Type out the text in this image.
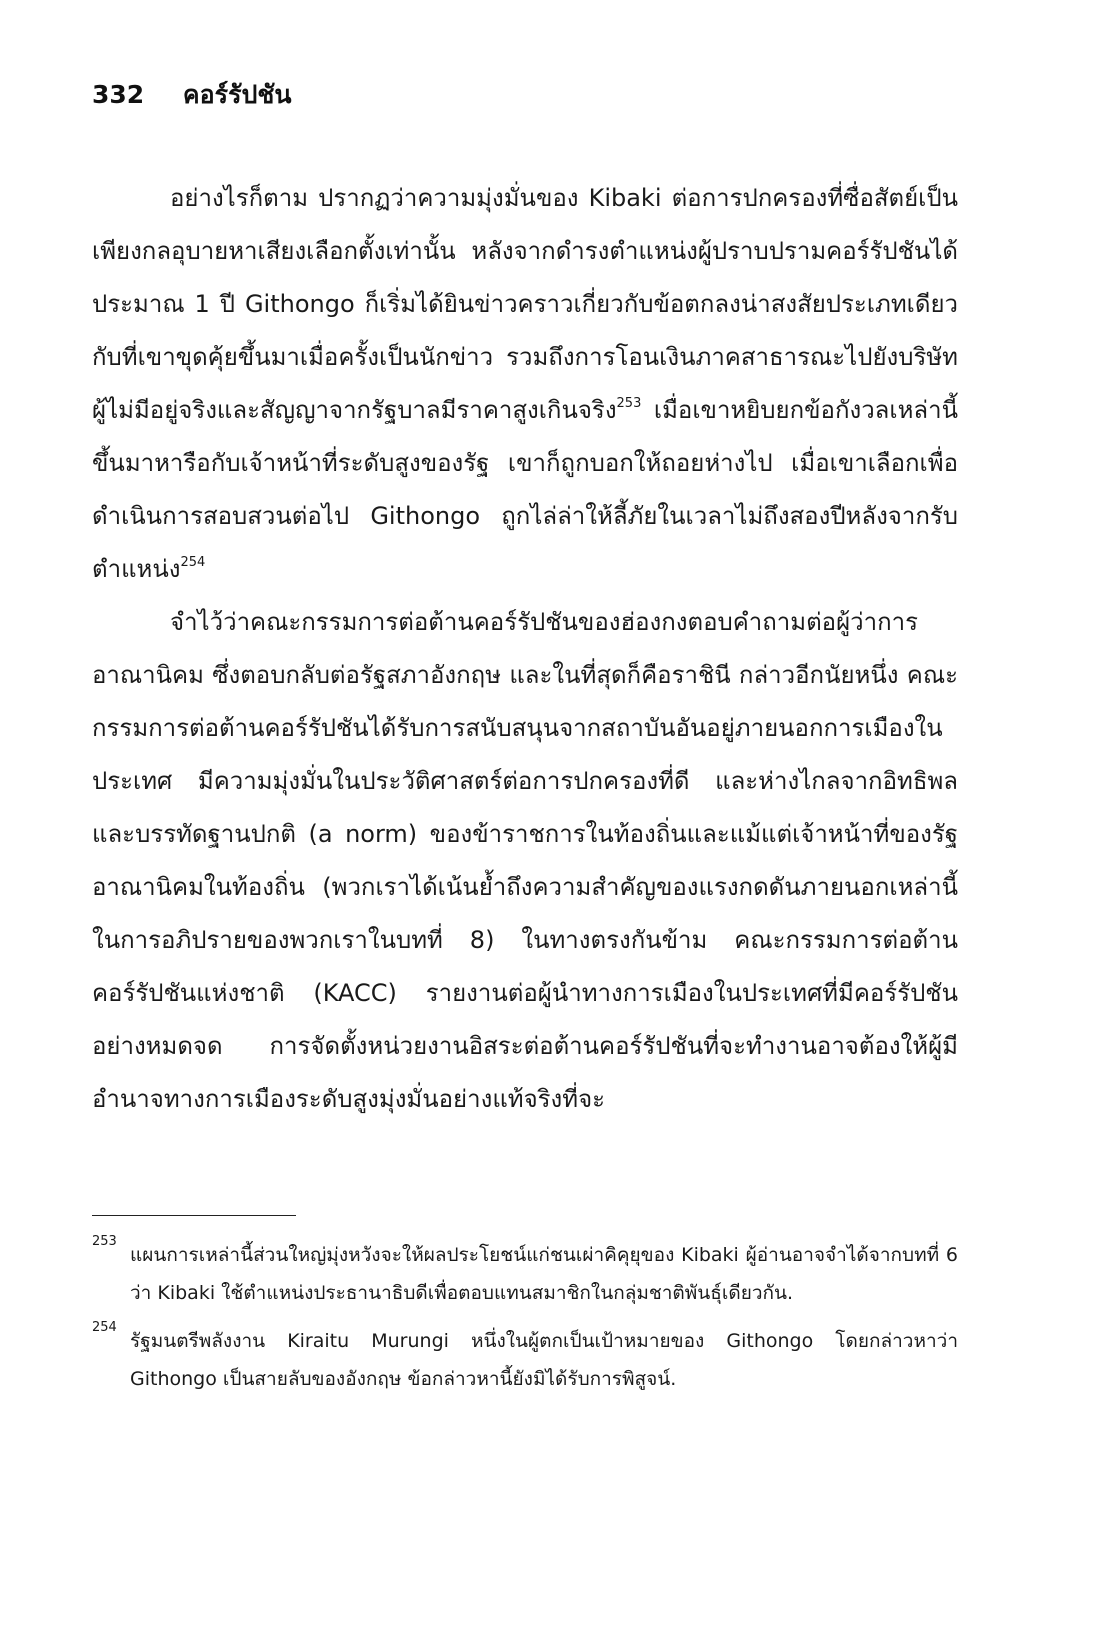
332 คอร์รัปชัน

อย่างไรก็ตาม ปรากฏว่าความมุ่งมั่นของ Kibaki ต่อการปกครองที่ซื่อสัตย์เป็นเพียงกลอุบายหาเสียงเลือกตั้งเท่านั้น หลังจากดำรงตำแหน่งผู้ปราบปรามคอร์รัปชันได้ประมาณ 1 ปี Githongo ก็เริ่มได้ยินข่าวคราวเกี่ยวกับข้อตกลงน่าสงสัยประเภทเดียวกับที่เขาขุดคุ้ยขึ้นมาเมื่อครั้งเป็นนักข่าว รวมถึงการโอนเงินภาคสาธารณะไปยังบริษัทผู้ไม่มีอยู่จริงและสัญญาจากรัฐบาลมีราคาสูงเกินจริง$^{253}$ เมื่อเขาหยิบยกข้อกังวลเหล่านี้ขึ้นมาหารือกับเจ้าหน้าที่ระดับสูงของรัฐ เขาก็ถูกบอกให้ถอยห่างไป เมื่อเขาเลือกเพื่อดำเนินการสอบสวนต่อไป Githongo ถูกไล่ล่าให้ลี้ภัยในเวลาไม่ถึงสองปีหลังจากรับตำแหน่ง$^{254}$

จำไว้ว่าคณะกรรมการต่อต้านคอร์รัปชันของฮ่องกงตอบคำถามต่อผู้ว่าการอาณานิคม ซึ่งตอบกลับต่อรัฐสภาอังกฤษ และในที่สุดก็คือราชินี กล่าวอีกนัยหนึ่ง คณะกรรมการต่อต้านคอร์รัปชันได้รับการสนับสนุนจากสถาบันอันอยู่ภายนอกการเมืองในประเทศ มีความมุ่งมั่นในประวัติศาสตร์ต่อการปกครองที่ดี และห่างไกลจากอิทธิพลและบรรทัดฐานปกติ (a norm) ของข้าราชการในท้องถิ่นและแม้แต่เจ้าหน้าที่ของรัฐอาณานิคมในท้องถิ่น (พวกเราได้เน้นย้ำถึงความสำคัญของแรงกดดันภายนอกเหล่านี้ในการอภิปรายของพวกเราในบทที่ 8) ในทางตรงกันข้าม คณะกรรมการต่อต้านคอร์รัปชันแห่งชาติ (KACC) รายงานต่อผู้นำทางการเมืองในประเทศที่มีคอร์รัปชันอย่างหมดจด การจัดตั้งหน่วยงานอิสระต่อต้านคอร์รัปชันที่จะทำงานอาจต้องให้ผู้มีอำนาจทางการเมืองระดับสูงมุ่งมั่นอย่างแท้จริงที่จะ

253
แผนการเหล่านี้ส่วนใหญ่มุ่งหวังจะให้ผลประโยชน์แก่ชนเผ่าคิคุยุของ Kibaki ผู้อ่านอาจจำได้จากบทที่ 6 ว่า Kibaki ใช้ตำแหน่งประธานาธิบดีเพื่อตอบแทนสมาชิกในกลุ่มชาติพันธุ์เดียวกัน.
254
รัฐมนตรีพลังงาน Kiraitu Murungi หนึ่งในผู้ตกเป็นเป้าหมายของ Githongo โดยกล่าวหาว่า Githongo เป็นสายลับของอังกฤษ ข้อกล่าวหานี้ยังมิได้รับการพิสูจน์.
